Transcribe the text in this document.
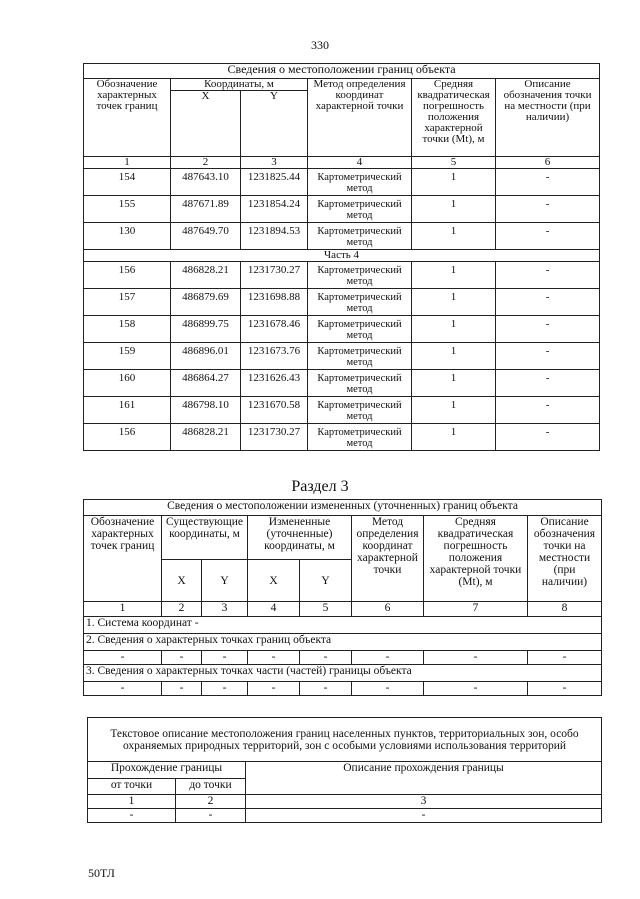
330
Сведения о местоположении границ объекта					
Обозначение характерных точек границ	Координаты, м		Метод определения координат характерной точки	Средняя квадратическая погрешность положения характерной точки (Mt), м	Описание обозначения точки на местности (при наличии)
	X	Y			
1	2	3	4	5	6
154	487643.10	1231825.44	Картометрический метод	1	-
155	487671.89	1231854.24	Картометрический метод	1	-
130	487649.70	1231894.53	Картометрический метод	1	-
Часть 4					
156	486828.21	1231730.27	Картометрический метод	1	-
157	486879.69	1231698.88	Картометрический метод	1	-
158	486899.75	1231678.46	Картометрический метод	1	-
159	486896.01	1231673.76	Картометрический метод	1	-
160	486864.27	1231626.43	Картометрический метод	1	-
161	486798.10	1231670.58	Картометрический метод	1	-
156	486828.21	1231730.27	Картометрический метод	1	-
Раздел 3
Сведения о местоположении измененных (уточненных) границ объекта							
Обозначение характерных точек границ	Существующие координаты, м		Измененные (уточненные) координаты, м		Метод определения координат характерной точки	Средняя квадратическая погрешность положения характерной точки (Mt), м	Описание обозначения точки на местности (при наличии)
	X	Y	X	Y			
1	2	3	4	5	6	7	8
1. Система координат -							
2. Сведения о характерных точках границ объекта							
-	-	-	-	-	-	-	-
3. Сведения о характерных точках части (частей) границы объекта							
-	-	-	-	-	-	-	-
Текстовое описание местоположения границ населенных пунктов, территориальных зон, особо охраняемых природных территорий, зон с особыми условиями использования территорий		
Прохождение границы		Описание прохождения границы
от точки	до точки	
1	2	3
-	-	-
50ТЛ
